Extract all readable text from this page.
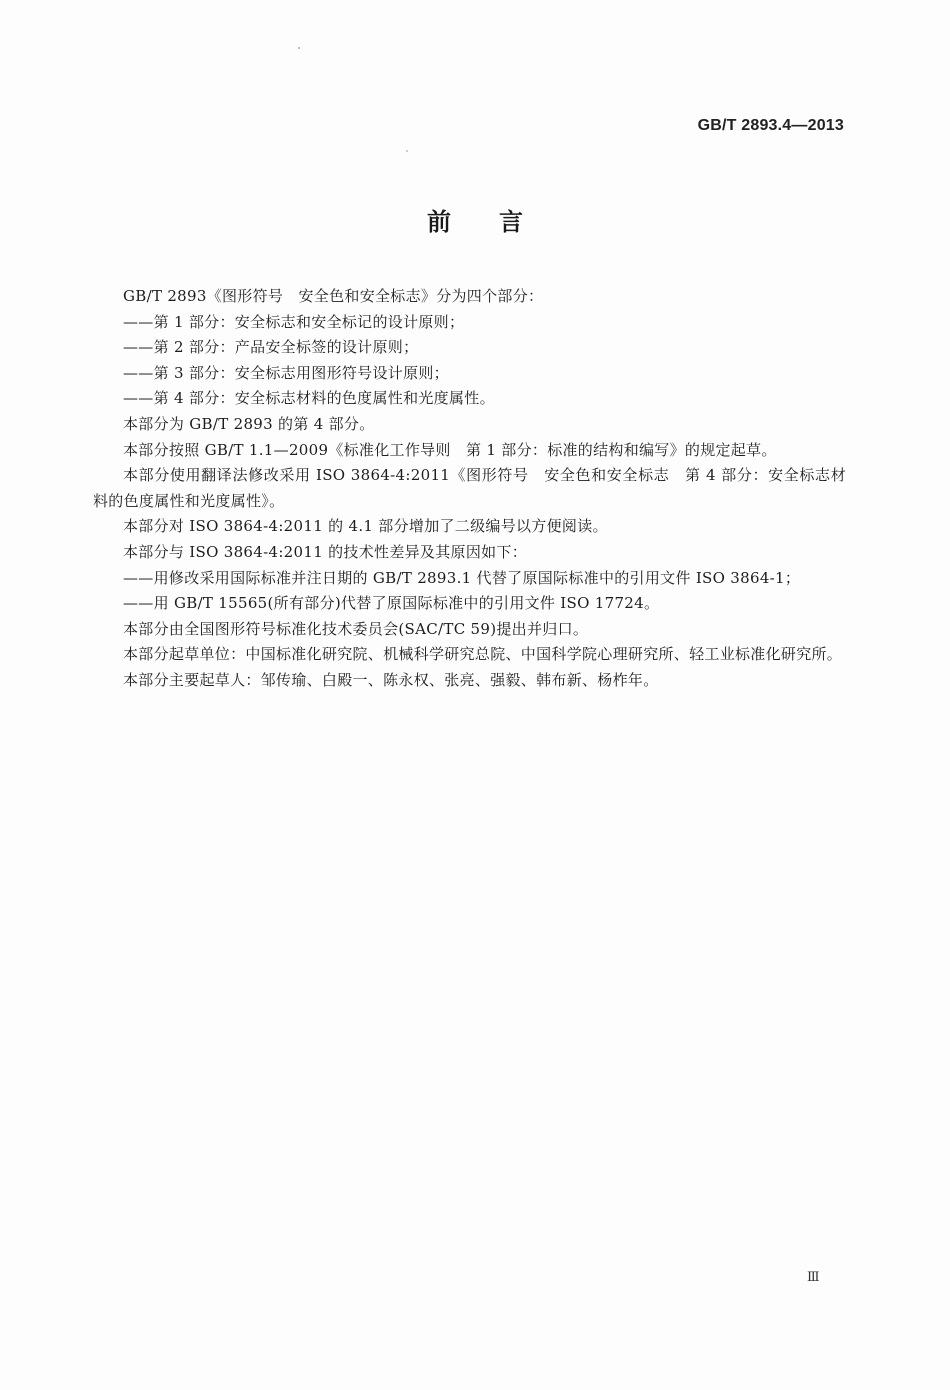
GB/T 2893.4—2013
前 言

GB/T 2893《图形符号　安全色和安全标志》分为四个部分：

——第 1 部分：安全标志和安全标记的设计原则；

——第 2 部分：产品安全标签的设计原则；

——第 3 部分：安全标志用图形符号设计原则；

——第 4 部分：安全标志材料的色度属性和光度属性。

本部分为 GB/T 2893 的第 4 部分。

本部分按照 GB/T 1.1—2009《标准化工作导则　第 1 部分：标准的结构和编写》的规定起草。

本部分使用翻译法修改采用 ISO 3864-4:2011《图形符号　安全色和安全标志　第 4 部分：安全标志材料的色度属性和光度属性》。

本部分对 ISO 3864-4:2011 的 4.1 部分增加了二级编号以方便阅读。

本部分与 ISO 3864-4:2011 的技术性差异及其原因如下：

——用修改采用国际标准并注日期的 GB/T 2893.1 代替了原国际标准中的引用文件 ISO 3864-1；

——用 GB/T 15565(所有部分)代替了原国际标准中的引用文件 ISO 17724。

本部分由全国图形符号标准化技术委员会(SAC/TC 59)提出并归口。

本部分起草单位：中国标准化研究院、机械科学研究总院、中国科学院心理研究所、轻工业标准化研究所。

本部分主要起草人：邹传瑜、白殿一、陈永权、张亮、强毅、韩布新、杨柞年。

Ⅲ
